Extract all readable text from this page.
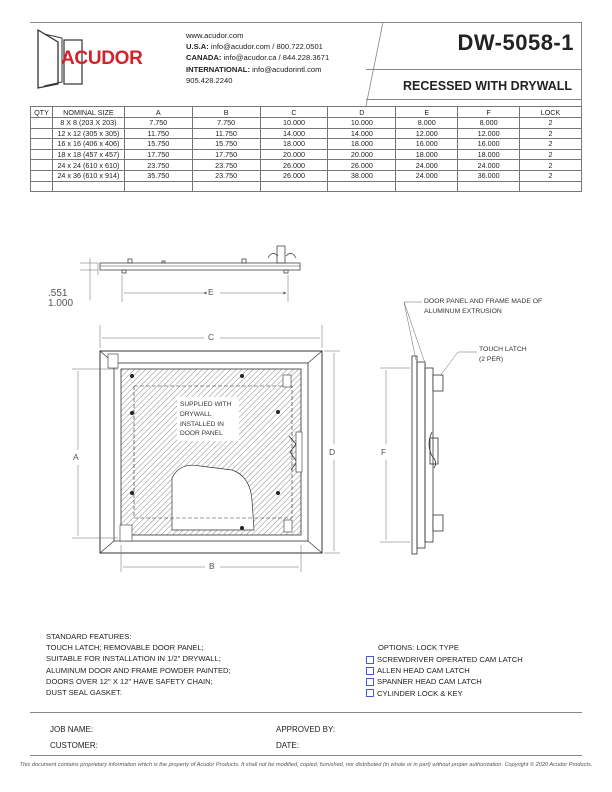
ACUDOR
www.acudor.com
U.S.A: info@acudor.com / 800.722.0501
CANADA: info@acudor.ca / 844.228.3671
INTERNATIONAL: info@acudorintl.com
905.428.2240
DW-5058-1
RECESSED WITH DRYWALL
QTY	NOMINAL SIZE	A	B	C	D	E	F	LOCK
	8 X 8 (203 X 203)	7.750	7.750	10.000	10.000	8.000	8.000	2
	12 x 12 (305 x 305)	11.750	11.750	14.000	14.000	12.000	12.000	2
	16 x 16 (406 x 406)	15.750	15.750	18.000	18.000	16.000	16.000	2
	18 x 18 (457 x 457)	17.750	17.750	20.000	20.000	18.000	18.000	2
	24 x 24 (610 x 610)	23.750	23.750	26.000	26.000	24.000	24.000	2
	24 x 36 (610 x 914)	35.750	23.750	26.000	38.000	24.000	36.000	2

.551
1.000
E
C
A
B
D	F
SUPPLIED WITH
DRYWALL
INSTALLED IN
DOOR PANEL
DOOR PANEL AND FRAME MADE OF
ALUMINUM EXTRUSION
TOUCH LATCH
(2 PER)
STANDARD FEATURES:
TOUCH LATCH; REMOVABLE DOOR PANEL;
SUITABLE FOR INSTALLATION IN 1/2" DRYWALL;
ALUMINUM DOOR AND FRAME POWDER PAINTED;
DOORS OVER 12" X 12" HAVE SAFETY CHAIN;
DUST SEAL GASKET.
OPTIONS: LOCK TYPE
SCREWDRIVER OPERATED CAM LATCH
ALLEN HEAD CAM LATCH
SPANNER HEAD CAM LATCH
CYLINDER LOCK & KEY
JOB NAME:
CUSTOMER:
APPROVED BY:
DATE:
This document contains proprietary information which is the property of Acudor Products. It shall not be modified, copied, furnished, nor distributed (in whole or in part) without proper authorization. Copyright © 2020 Acudor Products.
